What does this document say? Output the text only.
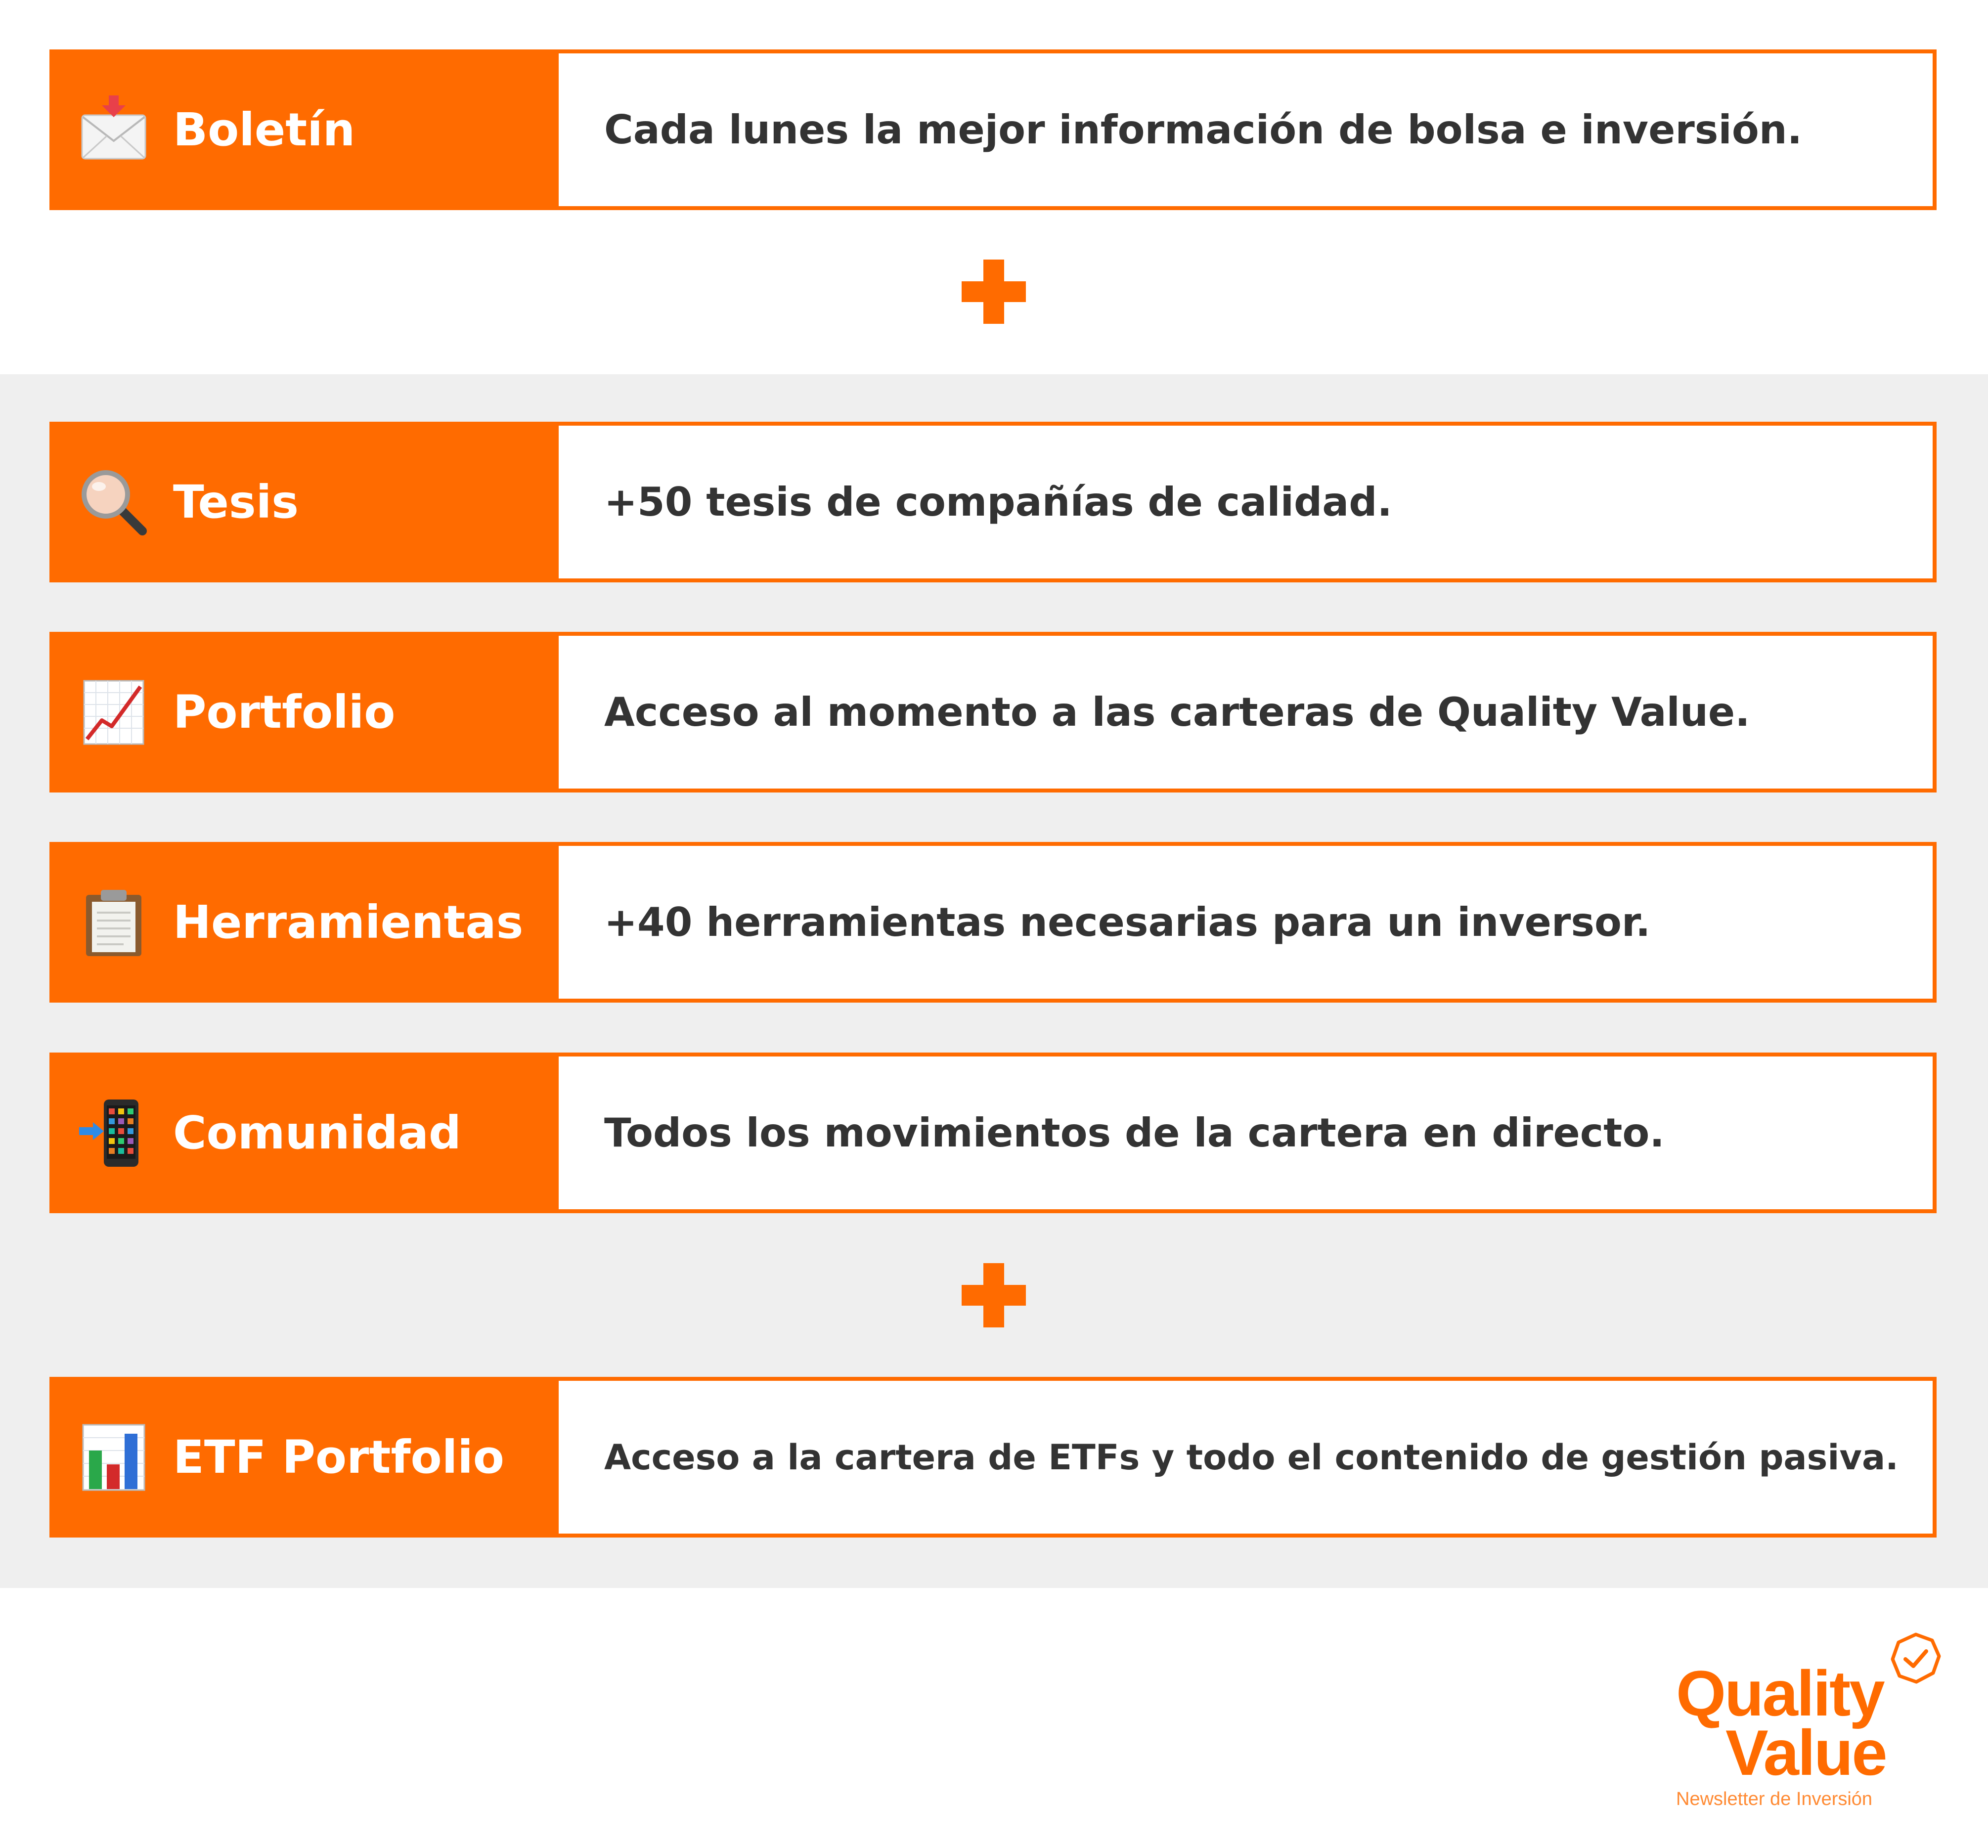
Boletín	Cada lunes la mejor información de bolsa e inversión.
Tesis	+50 tesis de compañías de calidad.
Portfolio	Acceso al momento a las carteras de Quality Value.
Herramientas +40 herramientas necesarias para un inversor.
Comunidad	Todos los movimientos de la cartera en directo.
ETF Portfolio	Acceso a la cartera de ETFs y todo el contenido de gestión pasiva.
Quality
Value
Newsletter de Inversión
